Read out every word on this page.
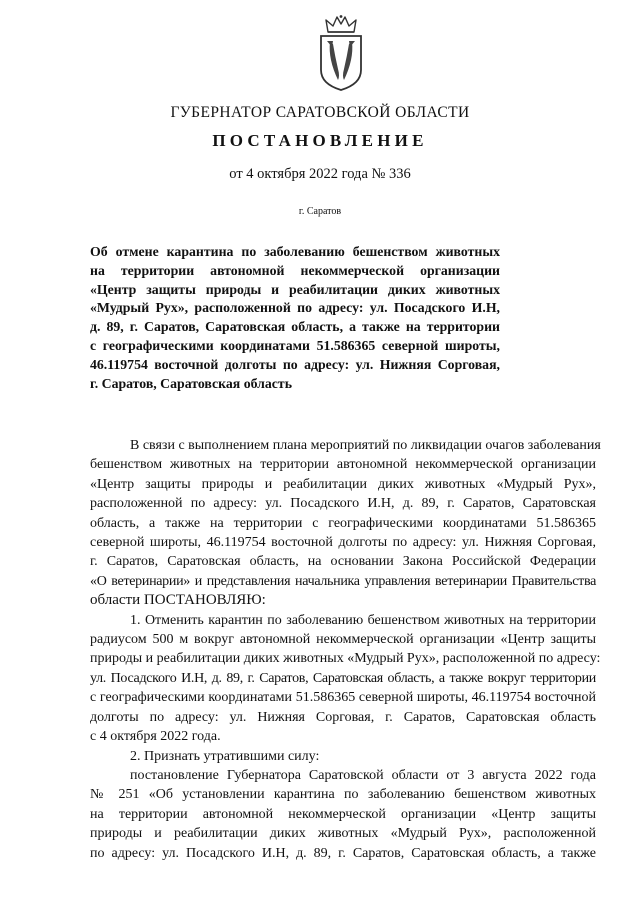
ГУБЕРНАТОР САРАТОВСКОЙ ОБЛАСТИ
ПОСТАНОВЛЕНИЕ
от 4 октября 2022 года № 336
г. Саратов
Об отмене карантина по заболеванию бешенством животных
на территории автономной некоммерческой организации
«Центр защиты природы и реабилитации диких животных
«Мудрый Рух», расположенной по адресу: ул. Посадского И.Н,
д. 89, г. Саратов, Саратовская область, а также на территории
с географическими координатами 51.586365 северной широты,
46.119754 восточной долготы по адресу: ул. Нижняя Сорговая,
г. Саратов, Саратовская область
В связи с выполнением плана мероприятий по ликвидации очагов заболевания
бешенством животных на территории автономной некоммерческой организации
«Центр защиты природы и реабилитации диких животных «Мудрый Рух»,
расположенной по адресу: ул. Посадского И.Н, д. 89, г. Саратов, Саратовская
область, а также на территории с географическими координатами 51.586365
северной широты, 46.119754 восточной долготы по адресу: ул. Нижняя Сорговая,
г. Саратов, Саратовская область, на основании Закона Российской Федерации
«О ветеринарии» и представления начальника управления ветеринарии Правительства
области ПОСТАНОВЛЯЮ:
1. Отменить карантин по заболеванию бешенством животных на территории
радиусом 500 м вокруг автономной некоммерческой организации «Центр защиты
природы и реабилитации диких животных «Мудрый Рух», расположенной по адресу:
ул. Посадского И.Н, д. 89, г. Саратов, Саратовская область, а также вокруг территории
с географическими координатами 51.586365 северной широты, 46.119754 восточной
долготы по адресу: ул. Нижняя Сорговая, г. Саратов, Саратовская область
с 4 октября 2022 года.
2. Признать утратившими силу:
постановление Губернатора Саратовской области от 3 августа 2022 года
№ 251 «Об установлении карантина по заболеванию бешенством животных
на территории автономной некоммерческой организации «Центр защиты
природы и реабилитации диких животных «Мудрый Рух», расположенной
по адресу: ул. Посадского И.Н, д. 89, г. Саратов, Саратовская область, а также
